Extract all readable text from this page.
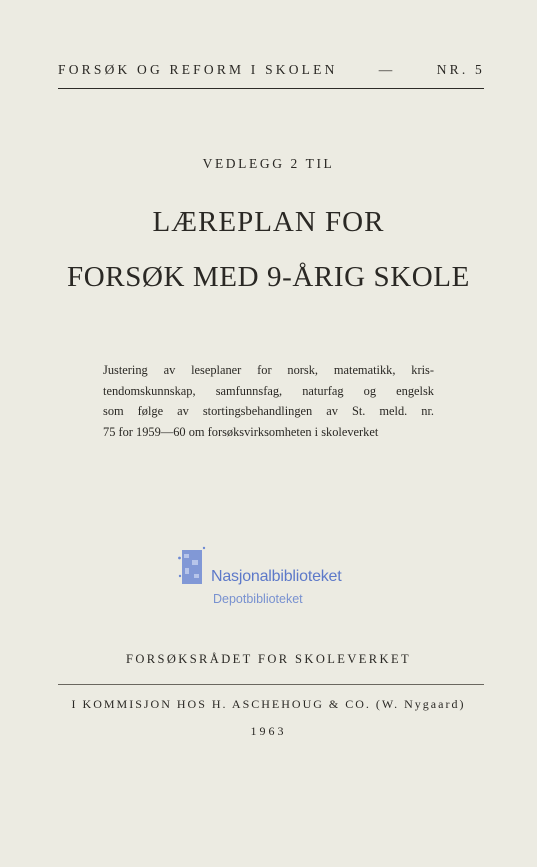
FORSØK OG REFORM I SKOLEN	—	NR. 5
VEDLEGG 2 TIL
LÆREPLAN FOR
FORSØK MED 9-ÅRIG SKOLE
Justering av leseplaner for norsk, matematikk, kris-
tendomskunnskap, samfunnsfag, naturfag og engelsk
som følge av stortingsbehandlingen av St. meld. nr.
75 for 1959—60 om forsøksvirksomheten i skoleverket
Nasjonalbiblioteket
Depotbiblioteket
FORSØKSRÅDET FOR SKOLEVERKET
I KOMMISJON HOS H. ASCHEHOUG & CO. (W. Nygaard)
1963
